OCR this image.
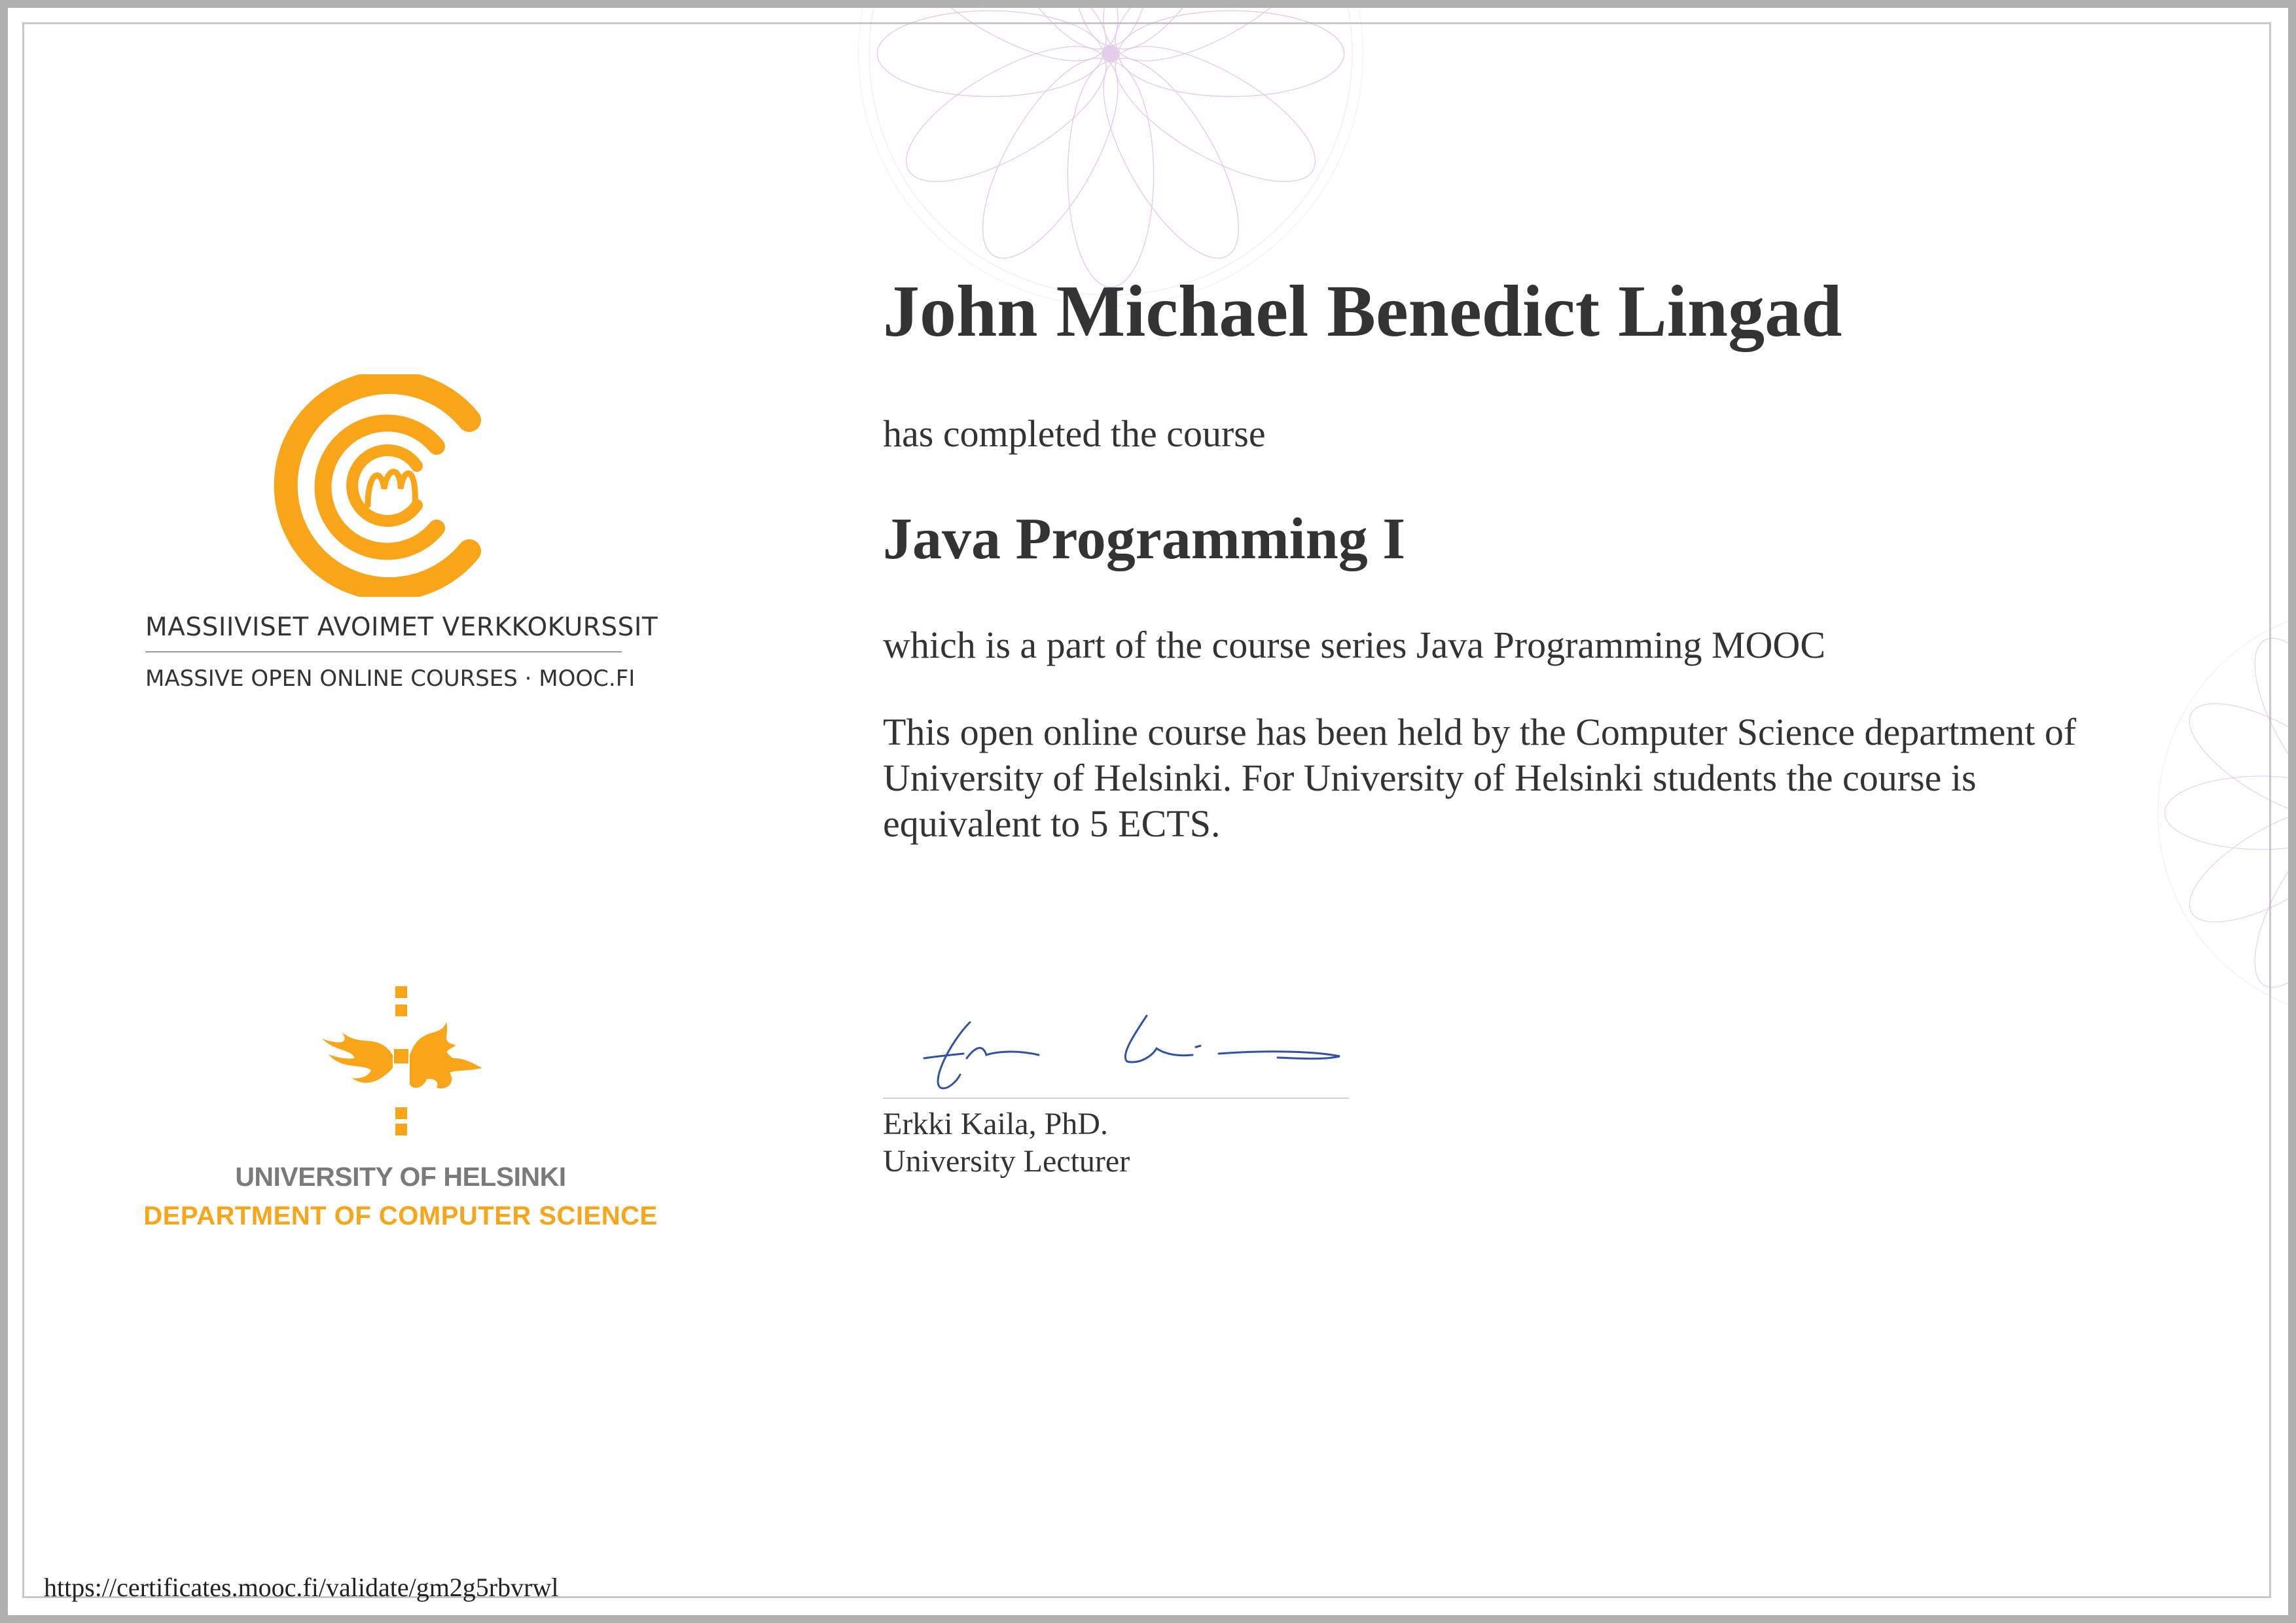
MASSIIVISET AVOIMET VERKKOKURSSIT
MASSIVE OPEN ONLINE COURSES · MOOC.FI
UNIVERSITY OF HELSINKI
DEPARTMENT OF COMPUTER SCIENCE
John Michael Benedict Lingad
has completed the course
Java Programming I
which is a part of the course series Java Programming MOOC
This open online course has been held by the Computer Science department of University of Helsinki. For University of Helsinki students the course is equivalent to 5 ECTS.
Erkki Kaila, PhD.
University Lecturer
https://certificates.mooc.fi/validate/gm2g5rbvrwl
